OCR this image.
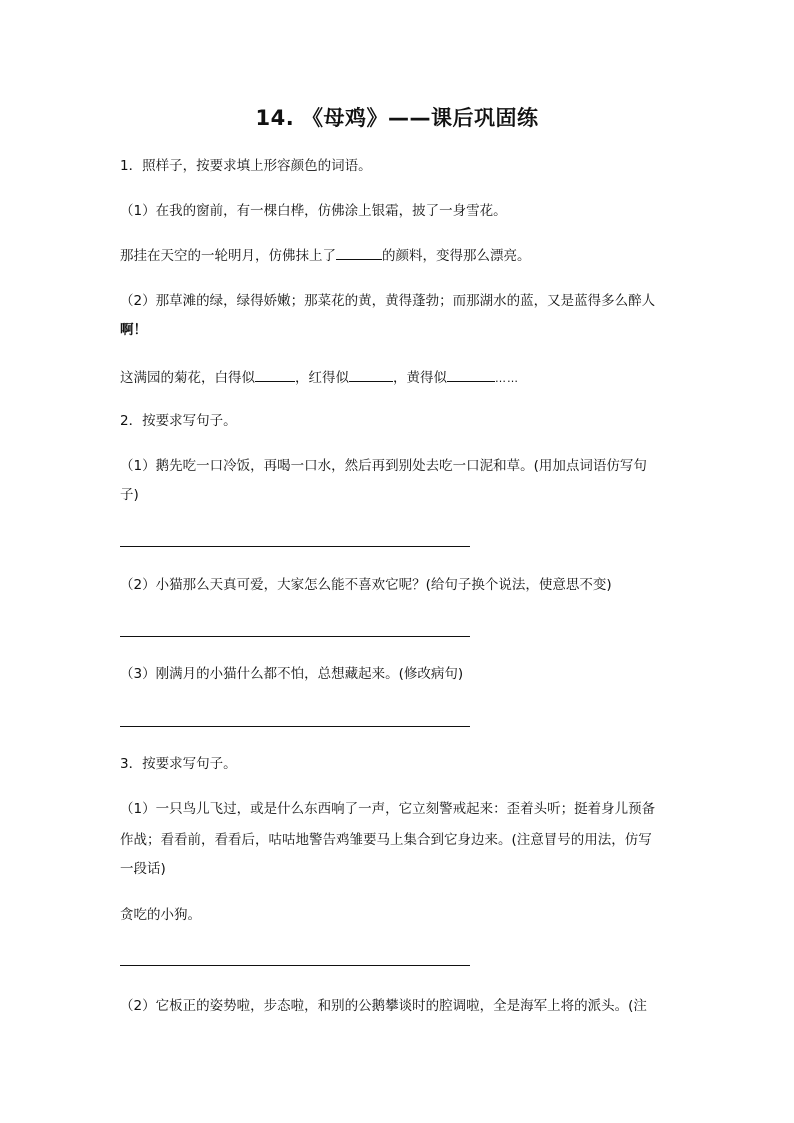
14. 《母鸡》——课后巩固练
1．照样子，按要求填上形容颜色的词语。
（1）在我的窗前，有一棵白桦，仿佛涂上银霜，披了一身雪花。
那挂在天空的一轮明月，仿佛抹上了	的颜料，变得那么漂亮。
（2）那草滩的绿，绿得娇嫩；那菜花的黄，黄得蓬勃；而那湖水的蓝，又是蓝得多么醉人
啊！
这满园的菊花，白得似	，红得似	，黄得似	……
2．按要求写句子。
（1）鹅先吃一口冷饭，再喝一口水，然后再到别处去吃一口泥和草。(用加点词语仿写句
子)
（2）小猫那么天真可爱，大家怎么能不喜欢它呢？(给句子换个说法，使意思不变)
（3）刚满月的小猫什么都不怕，总想藏起来。(修改病句)
3．按要求写句子。
（1）一只鸟儿飞过，或是什么东西响了一声，它立刻警戒起来：歪着头听；挺着身儿预备
作战；看看前，看看后，咕咕地警告鸡雏要马上集合到它身边来。(注意冒号的用法，仿写
一段话)
贪吃的小狗。
（2）它板正的姿势啦，步态啦，和别的公鹅攀谈时的腔调啦，全是海军上将的派头。(注
